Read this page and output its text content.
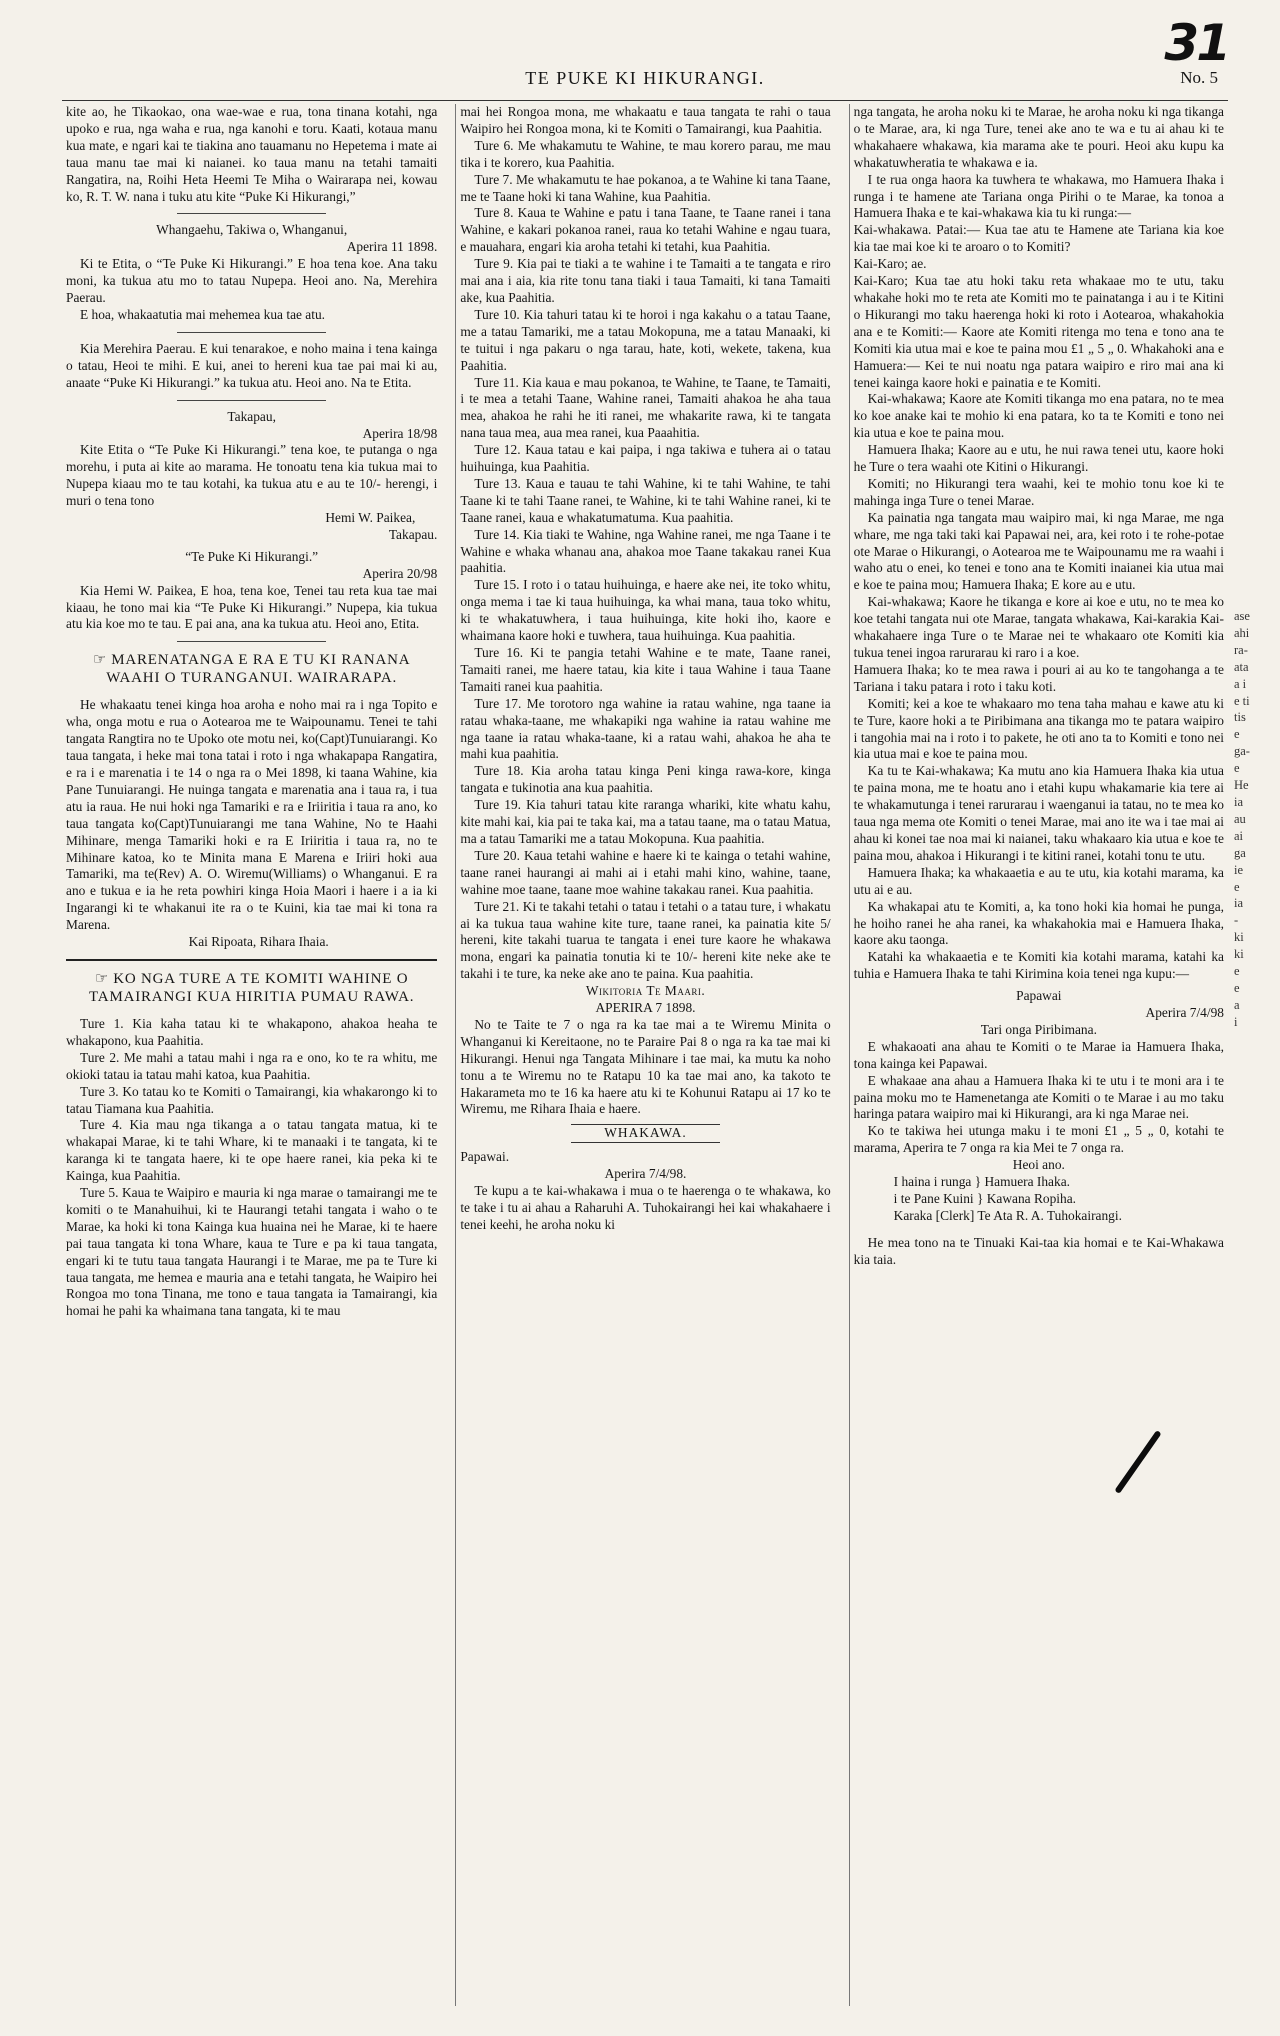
TE PUKE KI HIKURANGI.	No. 5
31

kite ao, he Tikaokao, ona wae-wae e rua, tona tinana kotahi, nga upoko e rua, nga waha e rua, nga kanohi e toru. Kaati, kotaua manu kua mate, e ngari kai te tiakina ano tauamanu no Hepetema i mate ai taua manu tae mai ki naianei. ko taua manu na tetahi tamaiti Rangatira, na, Roihi Heta Heemi Te Miha o Wairarapa nei, kowau ko, R. T. W. nana i tuku atu kite “Puke Ki Hikurangi,”

Whangaehu, Takiwa o, Whanganui,

Aperira 11 1898.

Ki te Etita, o “Te Puke Ki Hikurangi.” E hoa tena koe. Ana taku moni, ka tukua atu mo to tatau Nupepa. Heoi ano. Na, Merehira Paerau.

E hoa, whakaatutia mai mehemea kua tae atu.

Kia Merehira Paerau. E kui tenarakoe, e noho maina i tena kainga o tatau, Heoi te mihi. E kui, anei to hereni kua tae pai mai ki au, anaate “Puke Ki Hikurangi.” ka tukua atu. Heoi ano. Na te Etita.

Takapau,

Aperira 18/98

Kite Etita o “Te Puke Ki Hikurangi.” tena koe, te putanga o nga morehu, i puta ai kite ao marama. He tonoatu tena kia tukua mai to Nupepa kiaau mo te tau kotahi, ka tukua atu e au te 10/- herengi, i muri o tena tono

Hemi W. Paikea,

Takapau.

“Te Puke Ki Hikurangi.”

Aperira 20/98

Kia Hemi W. Paikea, E hoa, tena koe, Tenei tau reta kua tae mai kiaau, he tono mai kia “Te Puke Ki Hikurangi.” Nupepa, kia tukua atu kia koe mo te tau. E pai ana, ana ka tukua atu. Heoi ano, Etita.

☞ MARENATANGA E RA E TU KI RANANA WAAHI O TURANGANUI. WAIRARAPA.

He whakaatu tenei kinga hoa aroha e noho mai ra i nga Topito e wha, onga motu e rua o Aotearoa me te Waipounamu. Tenei te tahi tangata Rangtira no te Upoko ote motu nei, ko(Capt)Tunuiarangi. Ko taua tangata, i heke mai tona tatai i roto i nga whakapapa Rangatira, e ra i e marenatia i te 14 o nga ra o Mei 1898, ki taana Wahine, kia Pane Tunuiarangi. He nuinga tangata e marenatia ana i taua ra, i tua atu ia raua. He nui hoki nga Tamariki e ra e Iriiritia i taua ra ano, ko taua tangata ko(Capt)Tunuiarangi me tana Wahine, No te Haahi Mihinare, menga Tamariki hoki e ra E Iriiritia i taua ra, no te Mihinare katoa, ko te Minita mana E Marena e Iriiri hoki aua Tamariki, ma te(Rev) A. O. Wiremu(Williams) o Whanganui. E ra ano e tukua e ia he reta powhiri kinga Hoia Maori i haere i a ia ki Ingarangi ki te whakanui ite ra o te Kuini, kia tae mai ki tona ra Marena.

Kai Ripoata, Rihara Ihaia.

☞ KO NGA TURE A TE KOMITI WAHINE O TAMAIRANGI KUA HIRITIA PUMAU RAWA.

Ture 1. Kia kaha tatau ki te whakapono, ahakoa heaha te whakapono, kua Paahitia.

Ture 2. Me mahi a tatau mahi i nga ra e ono, ko te ra whitu, me okioki tatau ia tatau mahi katoa, kua Paahitia.

Ture 3. Ko tatau ko te Komiti o Tamairangi, kia whakarongo ki to tatau Tiamana kua Paahitia.

Ture 4. Kia mau nga tikanga a o tatau tangata matua, ki te whakapai Marae, ki te tahi Whare, ki te manaaki i te tangata, ki te karanga ki te tangata haere, ki te ope haere ranei, kia peka ki te Kainga, kua Paahitia.

Ture 5. Kaua te Waipiro e mauria ki nga marae o tamairangi me te komiti o te Manahuihui, ki te Haurangi tetahi tangata i waho o te Marae, ka hoki ki tona Kainga kua huaina nei he Marae, ki te haere pai taua tangata ki tona Whare, kaua te Ture e pa ki taua tangata, engari ki te tutu taua tangata Haurangi i te Marae, me pa te Ture ki taua tangata, me hemea e mauria ana e tetahi tangata, he Waipiro hei Rongoa mo tona Tinana, me tono e taua tangata ia Tamairangi, kia homai he pahi ka whaimana tana tangata, ki te mau

mai hei Rongoa mona, me whakaatu e taua tangata te rahi o taua Waipiro hei Rongoa mona, ki te Komiti o Tamairangi, kua Paahitia.

Ture 6. Me whakamutu te Wahine, te mau korero parau, me mau tika i te korero, kua Paahitia.

Ture 7. Me whakamutu te hae pokanoa, a te Wahine ki tana Taane, me te Taane hoki ki tana Wahine, kua Paahitia.

Ture 8. Kaua te Wahine e patu i tana Taane, te Taane ranei i tana Wahine, e kakari pokanoa ranei, raua ko tetahi Wahine e ngau tuara, e mauahara, engari kia aroha tetahi ki tetahi, kua Paahitia.

Ture 9. Kia pai te tiaki a te wahine i te Tamaiti a te tangata e riro mai ana i aia, kia rite tonu tana tiaki i taua Tamaiti, ki tana Tamaiti ake, kua Paahitia.

Ture 10. Kia tahuri tatau ki te horoi i nga kakahu o a tatau Taane, me a tatau Tamariki, me a tatau Mokopuna, me a tatau Manaaki, ki te tuitui i nga pakaru o nga tarau, hate, koti, wekete, takena, kua Paahitia.

Ture 11. Kia kaua e mau pokanoa, te Wahine, te Taane, te Tamaiti, i te mea a tetahi Taane, Wahine ranei, Tamaiti ahakoa he aha taua mea, ahakoa he rahi he iti ranei, me whakarite rawa, ki te tangata nana taua mea, aua mea ranei, kua Paaahitia.

Ture 12. Kaua tatau e kai paipa, i nga takiwa e tuhera ai o tatau huihuinga, kua Paahitia.

Ture 13. Kaua e tauau te tahi Wahine, ki te tahi Wahine, te tahi Taane ki te tahi Taane ranei, te Wahine, ki te tahi Wahine ranei, ki te Taane ranei, kaua e whakatumatuma. Kua paahitia.

Ture 14. Kia tiaki te Wahine, nga Wahine ranei, me nga Taane i te Wahine e whaka whanau ana, ahakoa moe Taane takakau ranei Kua paahitia.

Ture 15. I roto i o tatau huihuinga, e haere ake nei, ite toko whitu, onga mema i tae ki taua huihuinga, ka whai mana, taua toko whitu, ki te whakatuwhera, i taua huihuinga, kite hoki iho, kaore e whaimana kaore hoki e tuwhera, taua huihuinga. Kua paahitia.

Ture 16. Ki te pangia tetahi Wahine e te mate, Taane ranei, Tamaiti ranei, me haere tatau, kia kite i taua Wahine i taua Taane Tamaiti ranei kua paahitia.

Ture 17. Me torotoro nga wahine ia ratau wahine, nga taane ia ratau whaka-taane, me whakapiki nga wahine ia ratau wahine me nga taane ia ratau whaka-taane, ki a ratau wahi, ahakoa he aha te mahi kua paahitia.

Ture 18. Kia aroha tatau kinga Peni kinga rawa-kore, kinga tangata e tukinotia ana kua paahitia.

Ture 19. Kia tahuri tatau kite raranga whariki, kite whatu kahu, kite mahi kai, kia pai te taka kai, ma a tatau taane, ma o tatau Matua, ma a tatau Tamariki me a tatau Mokopuna. Kua paahitia.

Ture 20. Kaua tetahi wahine e haere ki te kainga o tetahi wahine, taane ranei haurangi ai mahi ai i etahi mahi kino, wahine, taane, wahine moe taane, taane moe wahine takakau ranei. Kua paahitia.

Ture 21. Ki te takahi tetahi o tatau i tetahi o a tatau ture, i whakatu ai ka tukua taua wahine kite ture, taane ranei, ka painatia kite 5/ hereni, kite takahi tuarua te tangata i enei ture kaore he whakawa mona, engari ka painatia tonutia ki te 10/- hereni kite neke ake te takahi i te ture, ka neke ake ano te paina. Kua paahitia.

Wikitoria Te Maari.

APERIRA 7 1898.

No te Taite te 7 o nga ra ka tae mai a te Wiremu Minita o Whanganui ki Kereitaone, no te Paraire Pai 8 o nga ra ka tae mai ki Hikurangi. Henui nga Tangata Mihinare i tae mai, ka mutu ka noho tonu a te Wiremu no te Ratapu 10 ka tae mai ano, ka takoto te Hakarameta mo te 16 ka haere atu ki te Kohunui Ratapu ai 17 ko te Wiremu, me Rihara Ihaia e haere.

WHAKAWA.

Papawai.

Aperira 7/4/98.

Te kupu a te kai-whakawa i mua o te haerenga o te whakawa, ko te take i tu ai ahau a Raharuhi A. Tuhokairangi hei kai whakahaere i tenei keehi, he aroha noku ki

nga tangata, he aroha noku ki te Marae, he aroha noku ki nga tikanga o te Marae, ara, ki nga Ture, tenei ake ano te wa e tu ai ahau ki te whakahaere whakawa, kia marama ake te pouri. Heoi aku kupu ka whakatuwheratia te whakawa e ia.

I te rua onga haora ka tuwhera te whakawa, mo Hamuera Ihaka i runga i te hamene ate Tariana onga Pirihi o te Marae, ka tonoa a Hamuera Ihaka e te kai-whakawa kia tu ki runga:—

Kai-whakawa. Patai:— Kua tae atu te Hamene ate Tariana kia koe kia tae mai koe ki te aroaro o to Komiti?

Kai-Karo; ae.

Kai-Karo; Kua tae atu hoki taku reta whakaae mo te utu, taku whakahe hoki mo te reta ate Komiti mo te painatanga i au i te Kitini o Hikurangi mo taku haerenga hoki ki roto i Aotearoa, whakahokia ana e te Komiti:— Kaore ate Komiti ritenga mo tena e tono ana te Komiti kia utua mai e koe te paina mou £1 „ 5 „ 0. Whakahoki ana e Hamuera:— Kei te nui noatu nga patara waipiro e riro mai ana ki tenei kainga kaore hoki e painatia e te Komiti.

Kai-whakawa; Kaore ate Komiti tikanga mo ena patara, no te mea ko koe anake kai te mohio ki ena patara, ko ta te Komiti e tono nei kia utua e koe te paina mou.

Hamuera Ihaka; Kaore au e utu, he nui rawa tenei utu, kaore hoki he Ture o tera waahi ote Kitini o Hikurangi.

Komiti; no Hikurangi tera waahi, kei te mohio tonu koe ki te mahinga inga Ture o tenei Marae.

Ka painatia nga tangata mau waipiro mai, ki nga Marae, me nga whare, me nga taki taki kai Papawai nei, ara, kei roto i te rohe-potae ote Marae o Hikurangi, o Aotearoa me te Waipounamu me ra waahi i waho atu o enei, ko tenei e tono ana te Komiti inaianei kia utua mai e koe te paina mou; Hamuera Ihaka; E kore au e utu.

Kai-whakawa; Kaore he tikanga e kore ai koe e utu, no te mea ko koe tetahi tangata nui ote Marae, tangata whakawa, Kai-karakia Kai-whakahaere inga Ture o te Marae nei te whakaaro ote Komiti kia tukua tenei ingoa rarurarau ki raro i a koe.

Hamuera Ihaka; ko te mea rawa i pouri ai au ko te tangohanga a te Tariana i taku patara i roto i taku koti.

Komiti; kei a koe te whakaaro mo tena taha mahau e kawe atu ki te Ture, kaore hoki a te Piribimana ana tikanga mo te patara waipiro i tangohia mai na i roto i to pakete, he oti ano ta to Komiti e tono nei kia utua mai e koe te paina mou.

Ka tu te Kai-whakawa; Ka mutu ano kia Hamuera Ihaka kia utua te paina mona, me te hoatu ano i etahi kupu whakamarie kia tere ai te whakamutunga i tenei rarurarau i waenganui ia tatau, no te mea ko taua nga mema ote Komiti o tenei Marae, mai ano ite wa i tae mai ai ahau ki konei tae noa mai ki naianei, taku whakaaro kia utua e koe te paina mou, ahakoa i Hikurangi i te kitini ranei, kotahi tonu te utu.

Hamuera Ihaka; ka whakaaetia e au te utu, kia kotahi marama, ka utu ai e au.

Ka whakapai atu te Komiti, a, ka tono hoki kia homai he punga, he hoiho ranei he aha ranei, ka whakahokia mai e Hamuera Ihaka, kaore aku taonga.

Katahi ka whakaaetia e te Komiti kia kotahi marama, katahi ka tuhia e Hamuera Ihaka te tahi Kirimina koia tenei nga kupu:—

Papawai

Aperira 7/4/98

Tari onga Piribimana.

E whakaoati ana ahau te Komiti o te Marae ia Hamuera Ihaka, tona kainga kei Papawai.

E whakaae ana ahau a Hamuera Ihaka ki te utu i te moni ara i te paina moku mo te Hamenetanga ate Komiti o te Marae i au mo taku haringa patara waipiro mai ki Hikurangi, ara ki nga Marae nei.

Ko te takiwa hei utunga maku i te moni £1 „ 5 „ 0, kotahi te marama, Aperira te 7 onga ra kia Mei te 7 onga ra.

Heoi ano.

I haina i runga } Hamuera Ihaka.

i te Pane Kuini } Kawana Ropiha.

Karaka [Clerk] Te Ata R. A. Tuhokairangi.

He mea tono na te Tinuaki Kai-taa kia homai e te Kai-Whakawa kia taia.

ase
ahi
ra-
ata
a i
e ti
tis
e
ga-
e
He
ia
au
ai
ga
ie
e
ia
-
ki
ki
e
e
a
i
